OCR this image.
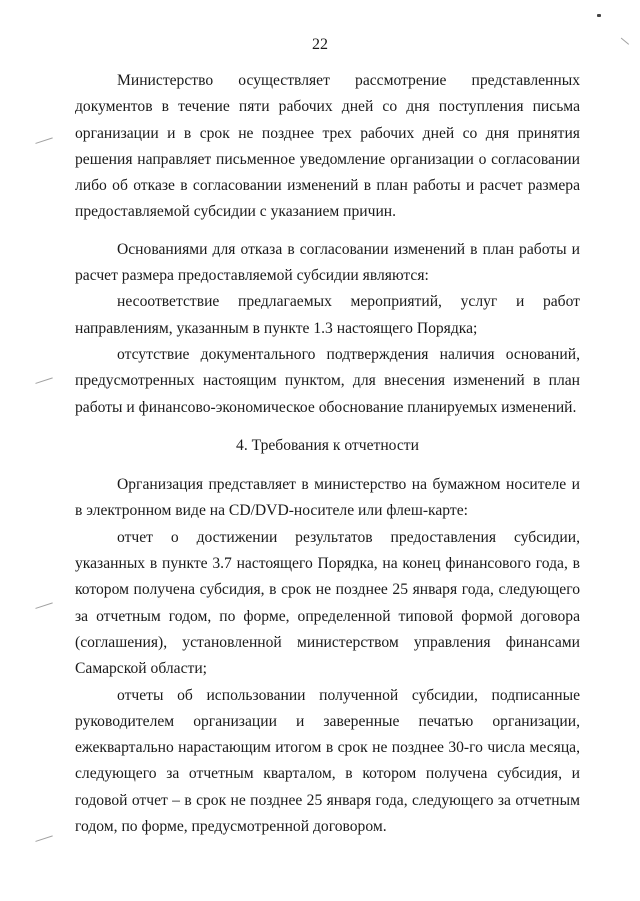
22

Министерство осуществляет рассмотрение представленных документов в течение пяти рабочих дней со дня поступления письма организации и в срок не позднее трех рабочих дней со дня принятия решения направляет письменное уведомление организации о согласовании либо об отказе в согласовании изменений в план работы и расчет размера предоставляемой субсидии с указанием причин.

Основаниями для отказа в согласовании изменений в план работы и расчет размера предоставляемой субсидии являются:

несоответствие предлагаемых мероприятий, услуг и работ направлениям, указанным в пункте 1.3 настоящего Порядка;

отсутствие документального подтверждения наличия оснований, предусмотренных настоящим пунктом, для внесения изменений в план работы и финансово-экономическое обоснование планируемых изменений.

4. Требования к отчетности

Организация представляет в министерство на бумажном носителе и в электронном виде на CD/DVD-носителе или флеш-карте:

отчет о достижении результатов предоставления субсидии, указанных в пункте 3.7 настоящего Порядка, на конец финансового года, в котором получена субсидия, в срок не позднее 25 января года, следующего за отчетным годом, по форме, определенной типовой формой договора (соглашения), установленной министерством управления финансами Самарской области;

отчеты об использовании полученной субсидии, подписанные руководителем организации и заверенные печатью организации, ежеквартально нарастающим итогом в срок не позднее 30-го числа месяца, следующего за отчетным кварталом, в котором получена субсидия, и годовой отчет – в срок не позднее 25 января года, следующего за отчетным годом, по форме, предусмотренной договором.
